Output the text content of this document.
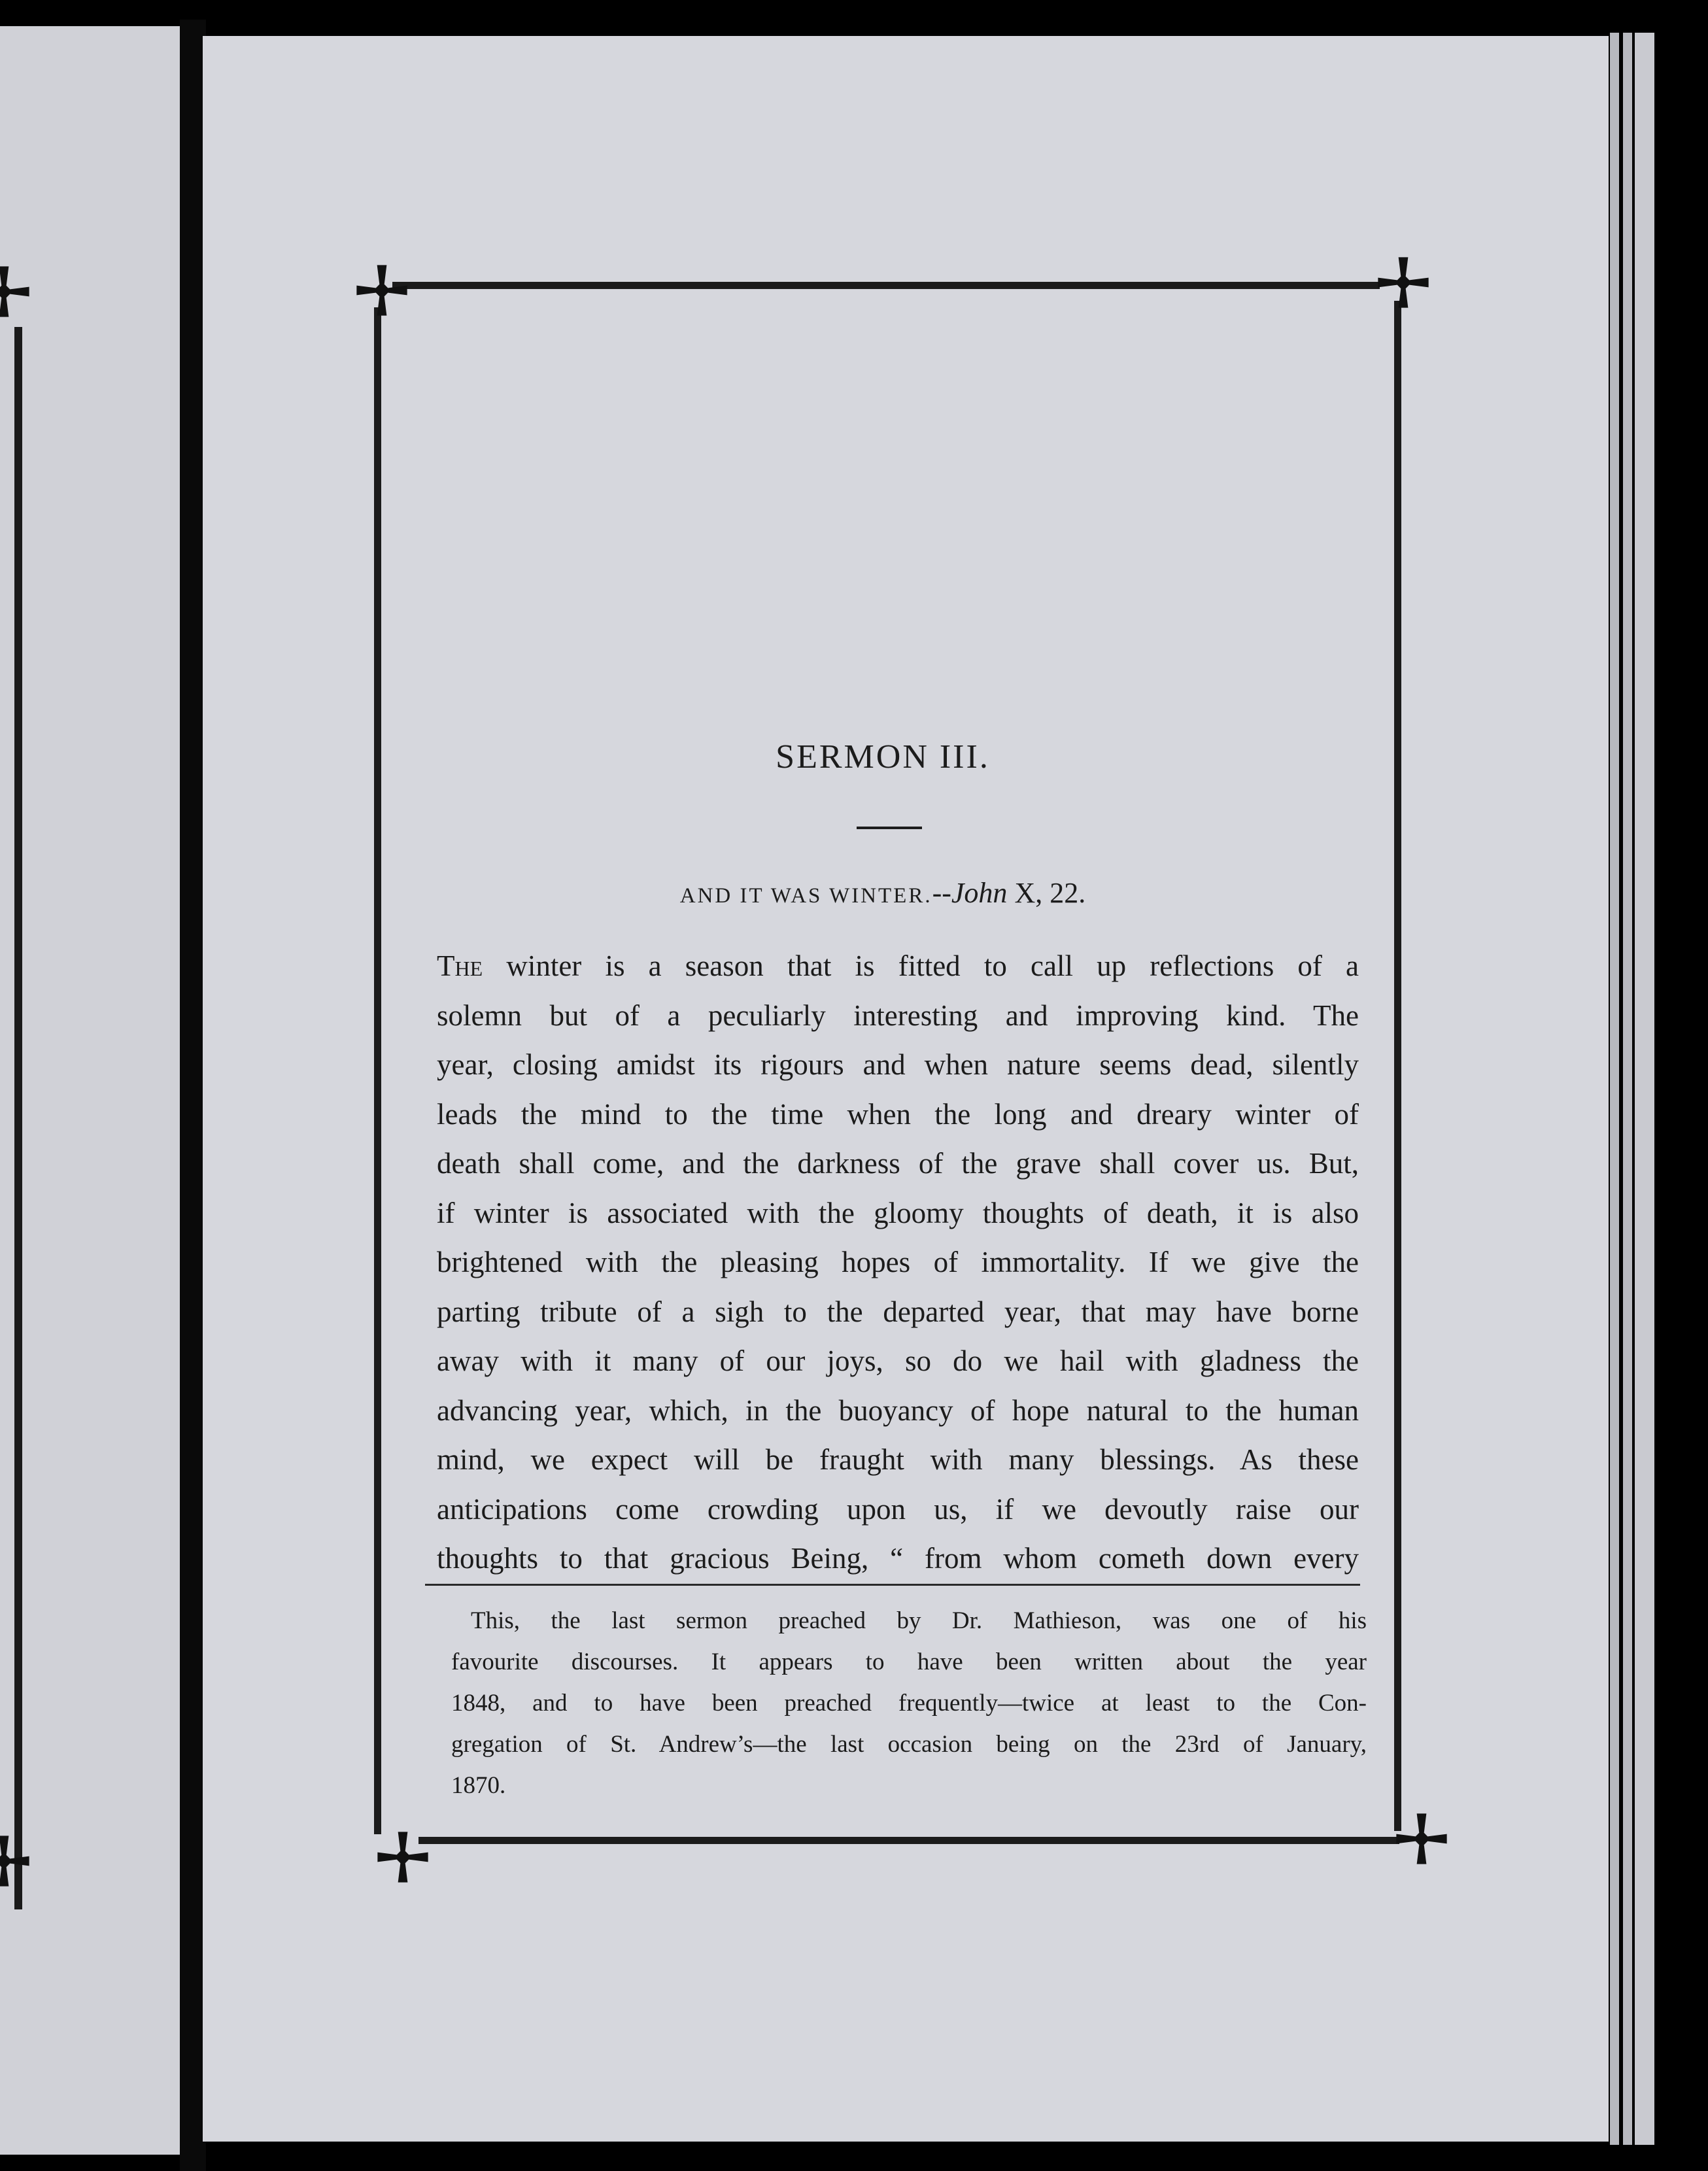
SERMON III.
AND IT WAS WINTER.--John X, 22.
The winter is a season that is fitted to call up reflections of a
solemn but of a peculiarly interesting and improving kind. The
year, closing amidst its rigours and when nature seems dead, silently
leads the mind to the time when the long and dreary winter of
death shall come, and the darkness of the grave shall cover us. But,
if winter is associated with the gloomy thoughts of death, it is also
brightened with the pleasing hopes of immortality. If we give the
parting tribute of a sigh to the departed year, that may have borne
away with it many of our joys, so do we hail with gladness the
advancing year, which, in the buoyancy of hope natural to the human
mind, we expect will be fraught with many blessings. As these
anticipations come crowding upon us, if we devoutly raise our
thoughts to that gracious Being, “ from whom cometh down every
This, the last sermon preached by Dr. Mathieson, was one of his
favourite discourses. It appears to have been written about the year
1848, and to have been preached frequently—twice at least to the Con-
gregation of St. Andrew’s—the last occasion being on the 23rd of January,
1870.
